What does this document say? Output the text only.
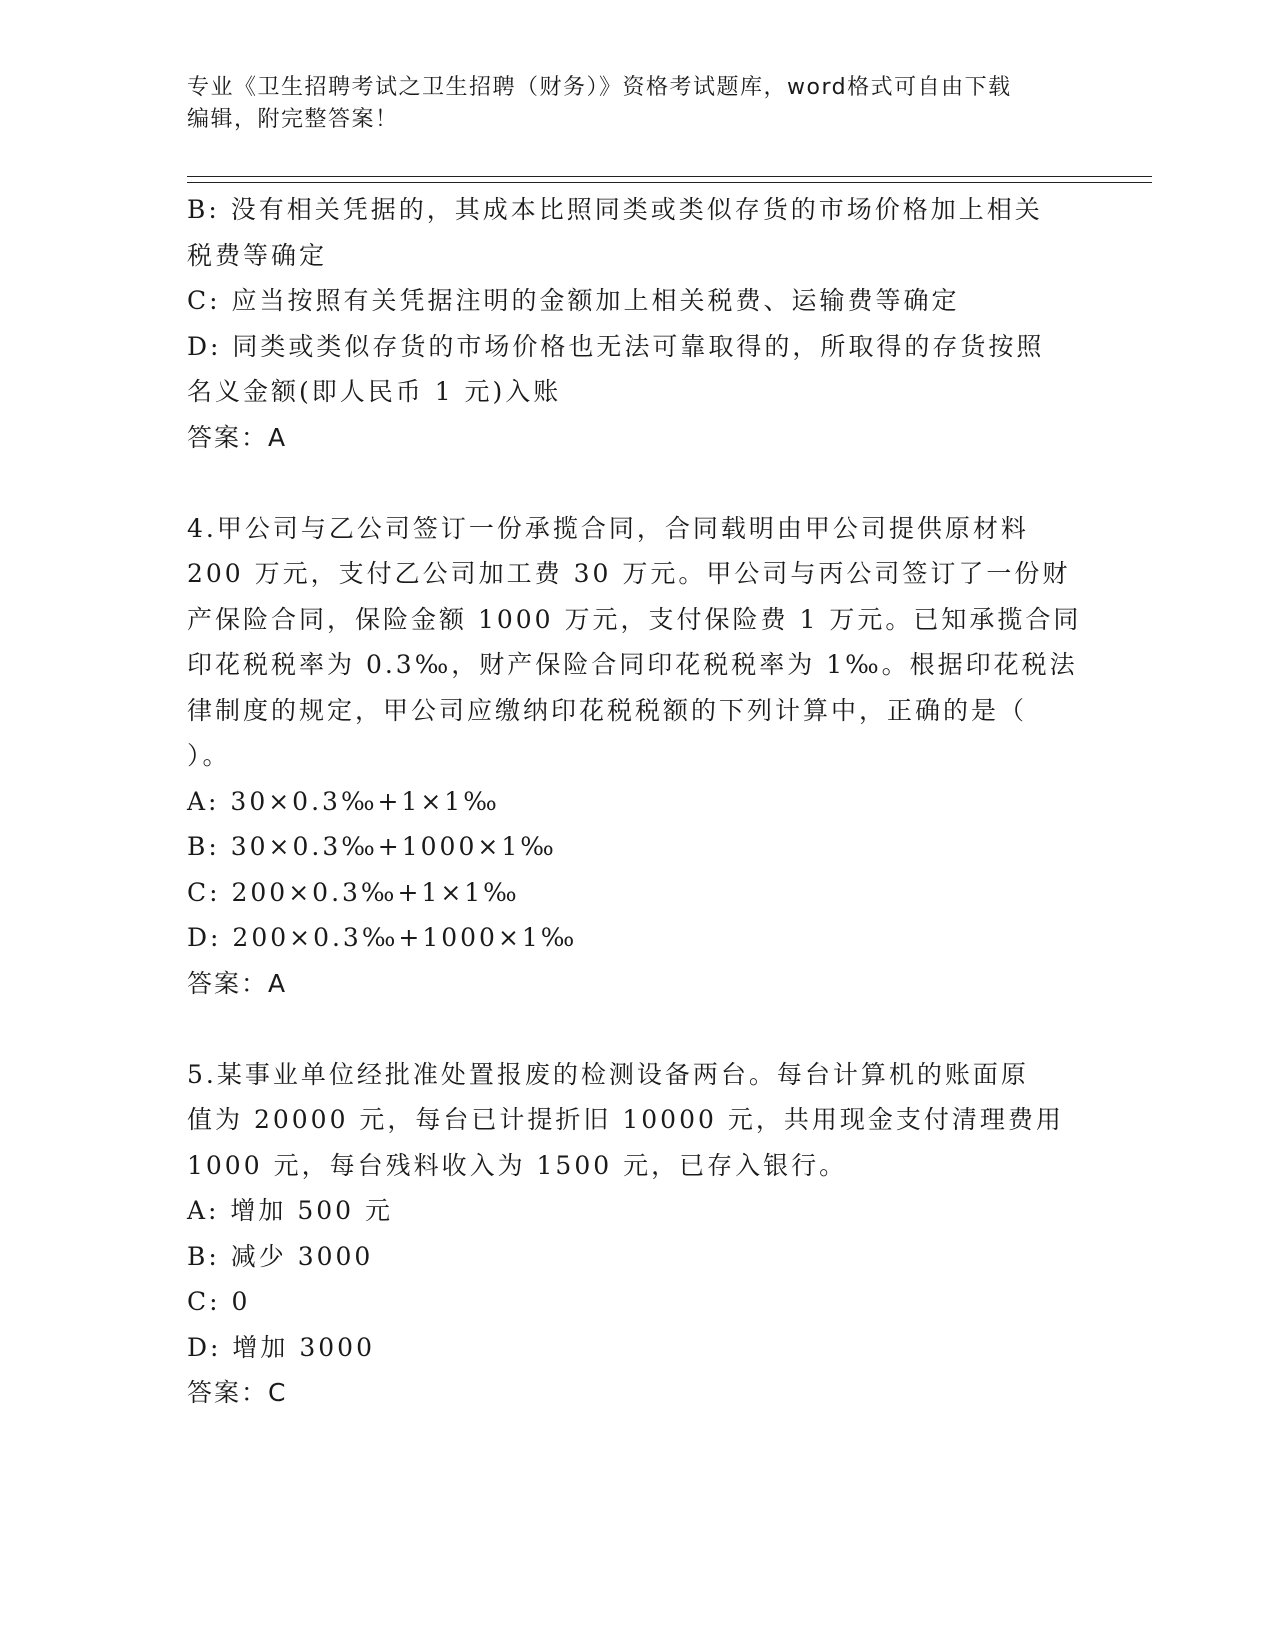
专业《卫生招聘考试之卫生招聘（财务）》资格考试题库，word格式可自由下载
编辑，附完整答案！
B: 没有相关凭据的，其成本比照同类或类似存货的市场价格加上相关
税费等确定
C: 应当按照有关凭据注明的金额加上相关税费、运输费等确定
D: 同类或类似存货的市场价格也无法可靠取得的，所取得的存货按照
名义金额(即人民币 1 元)入账
答案：A
4.甲公司与乙公司签订一份承揽合同，合同载明由甲公司提供原材料
200 万元，支付乙公司加工费 30 万元。甲公司与丙公司签订了一份财
产保险合同，保险金额 1000 万元，支付保险费 1 万元。已知承揽合同
印花税税率为 0.3‰，财产保险合同印花税税率为 1‰。根据印花税法
律制度的规定，甲公司应缴纳印花税税额的下列计算中，正确的是（
）。
A: 30×0.3‰+1×1‰
B: 30×0.3‰+1000×1‰
C: 200×0.3‰+1×1‰
D: 200×0.3‰+1000×1‰
答案：A
5.某事业单位经批准处置报废的检测设备两台。每台计算机的账面原
值为 20000 元，每台已计提折旧 10000 元，共用现金支付清理费用
1000 元，每台残料收入为 1500 元，已存入银行。
A: 增加 500 元
B: 减少 3000
C: 0
D: 增加 3000
答案：C
